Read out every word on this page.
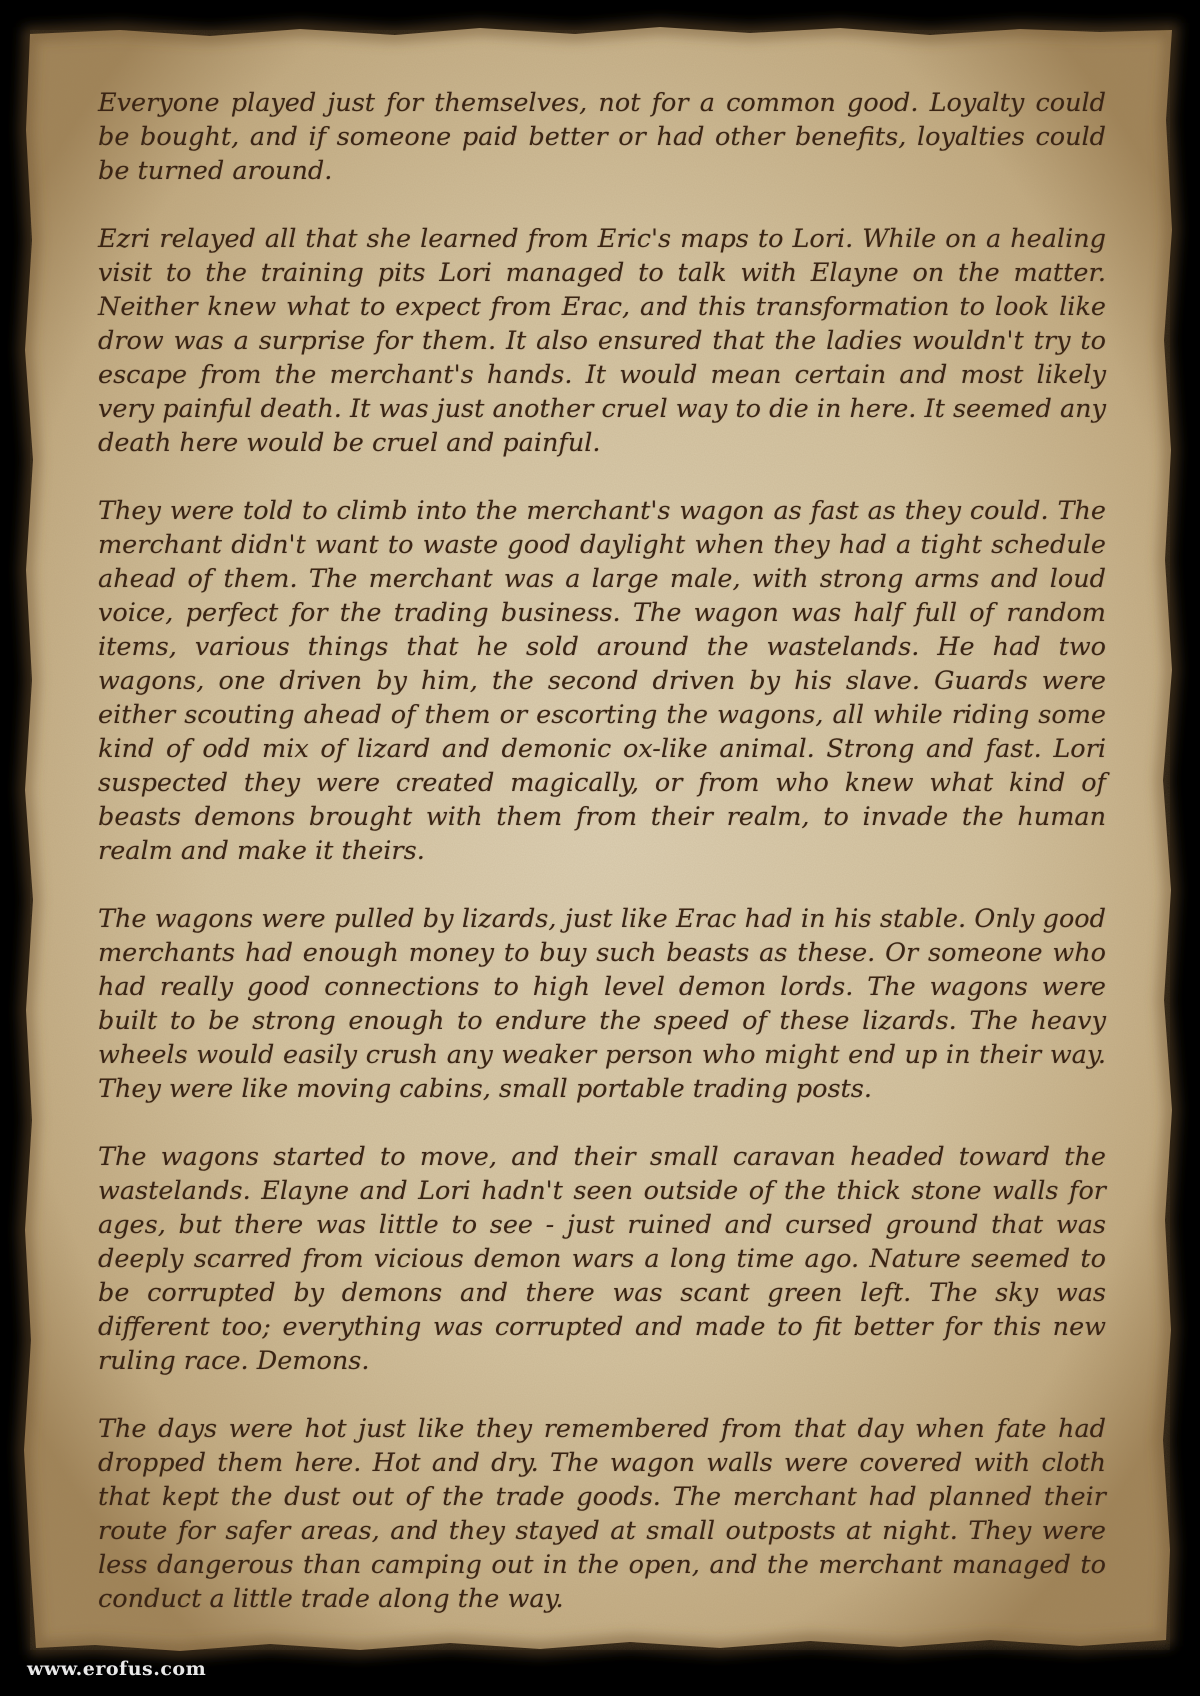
Everyone played just for themselves, not for a common good. Loyalty could be bought, and if someone paid better or had other benefits, loyalties could be turned around.

Ezri relayed all that she learned from Eric's maps to Lori. While on a healing visit to the training pits Lori managed to talk with Elayne on the matter. Neither knew what to expect from Erac, and this transformation to look like drow was a surprise for them. It also ensured that the ladies wouldn't try to escape from the merchant's hands. It would mean certain and most likely very painful death. It was just another cruel way to die in here. It seemed any death here would be cruel and painful.

They were told to climb into the merchant's wagon as fast as they could. The merchant didn't want to waste good daylight when they had a tight schedule ahead of them. The merchant was a large male, with strong arms and loud voice, perfect for the trading business. The wagon was half full of random items, various things that he sold around the wastelands. He had two wagons, one driven by him, the second driven by his slave. Guards were either scouting ahead of them or escorting the wagons, all while riding some kind of odd mix of lizard and demonic ox-like animal. Strong and fast. Lori suspected they were created magically, or from who knew what kind of beasts demons brought with them from their realm, to invade the human realm and make it theirs.

The wagons were pulled by lizards, just like Erac had in his stable. Only good merchants had enough money to buy such beasts as these. Or someone who had really good connections to high level demon lords. The wagons were built to be strong enough to endure the speed of these lizards. The heavy wheels would easily crush any weaker person who might end up in their way. They were like moving cabins, small portable trading posts.

The wagons started to move, and their small caravan headed toward the wastelands. Elayne and Lori hadn't seen outside of the thick stone walls for ages, but there was little to see - just ruined and cursed ground that was deeply scarred from vicious demon wars a long time ago. Nature seemed to be corrupted by demons and there was scant green left. The sky was different too; everything was corrupted and made to fit better for this new ruling race. Demons.

The days were hot just like they remembered from that day when fate had dropped them here. Hot and dry. The wagon walls were covered with cloth that kept the dust out of the trade goods. The merchant had planned their route for safer areas, and they stayed at small outposts at night. They were less dangerous than camping out in the open, and the merchant managed to conduct a little trade along the way.

www.erofus.com
